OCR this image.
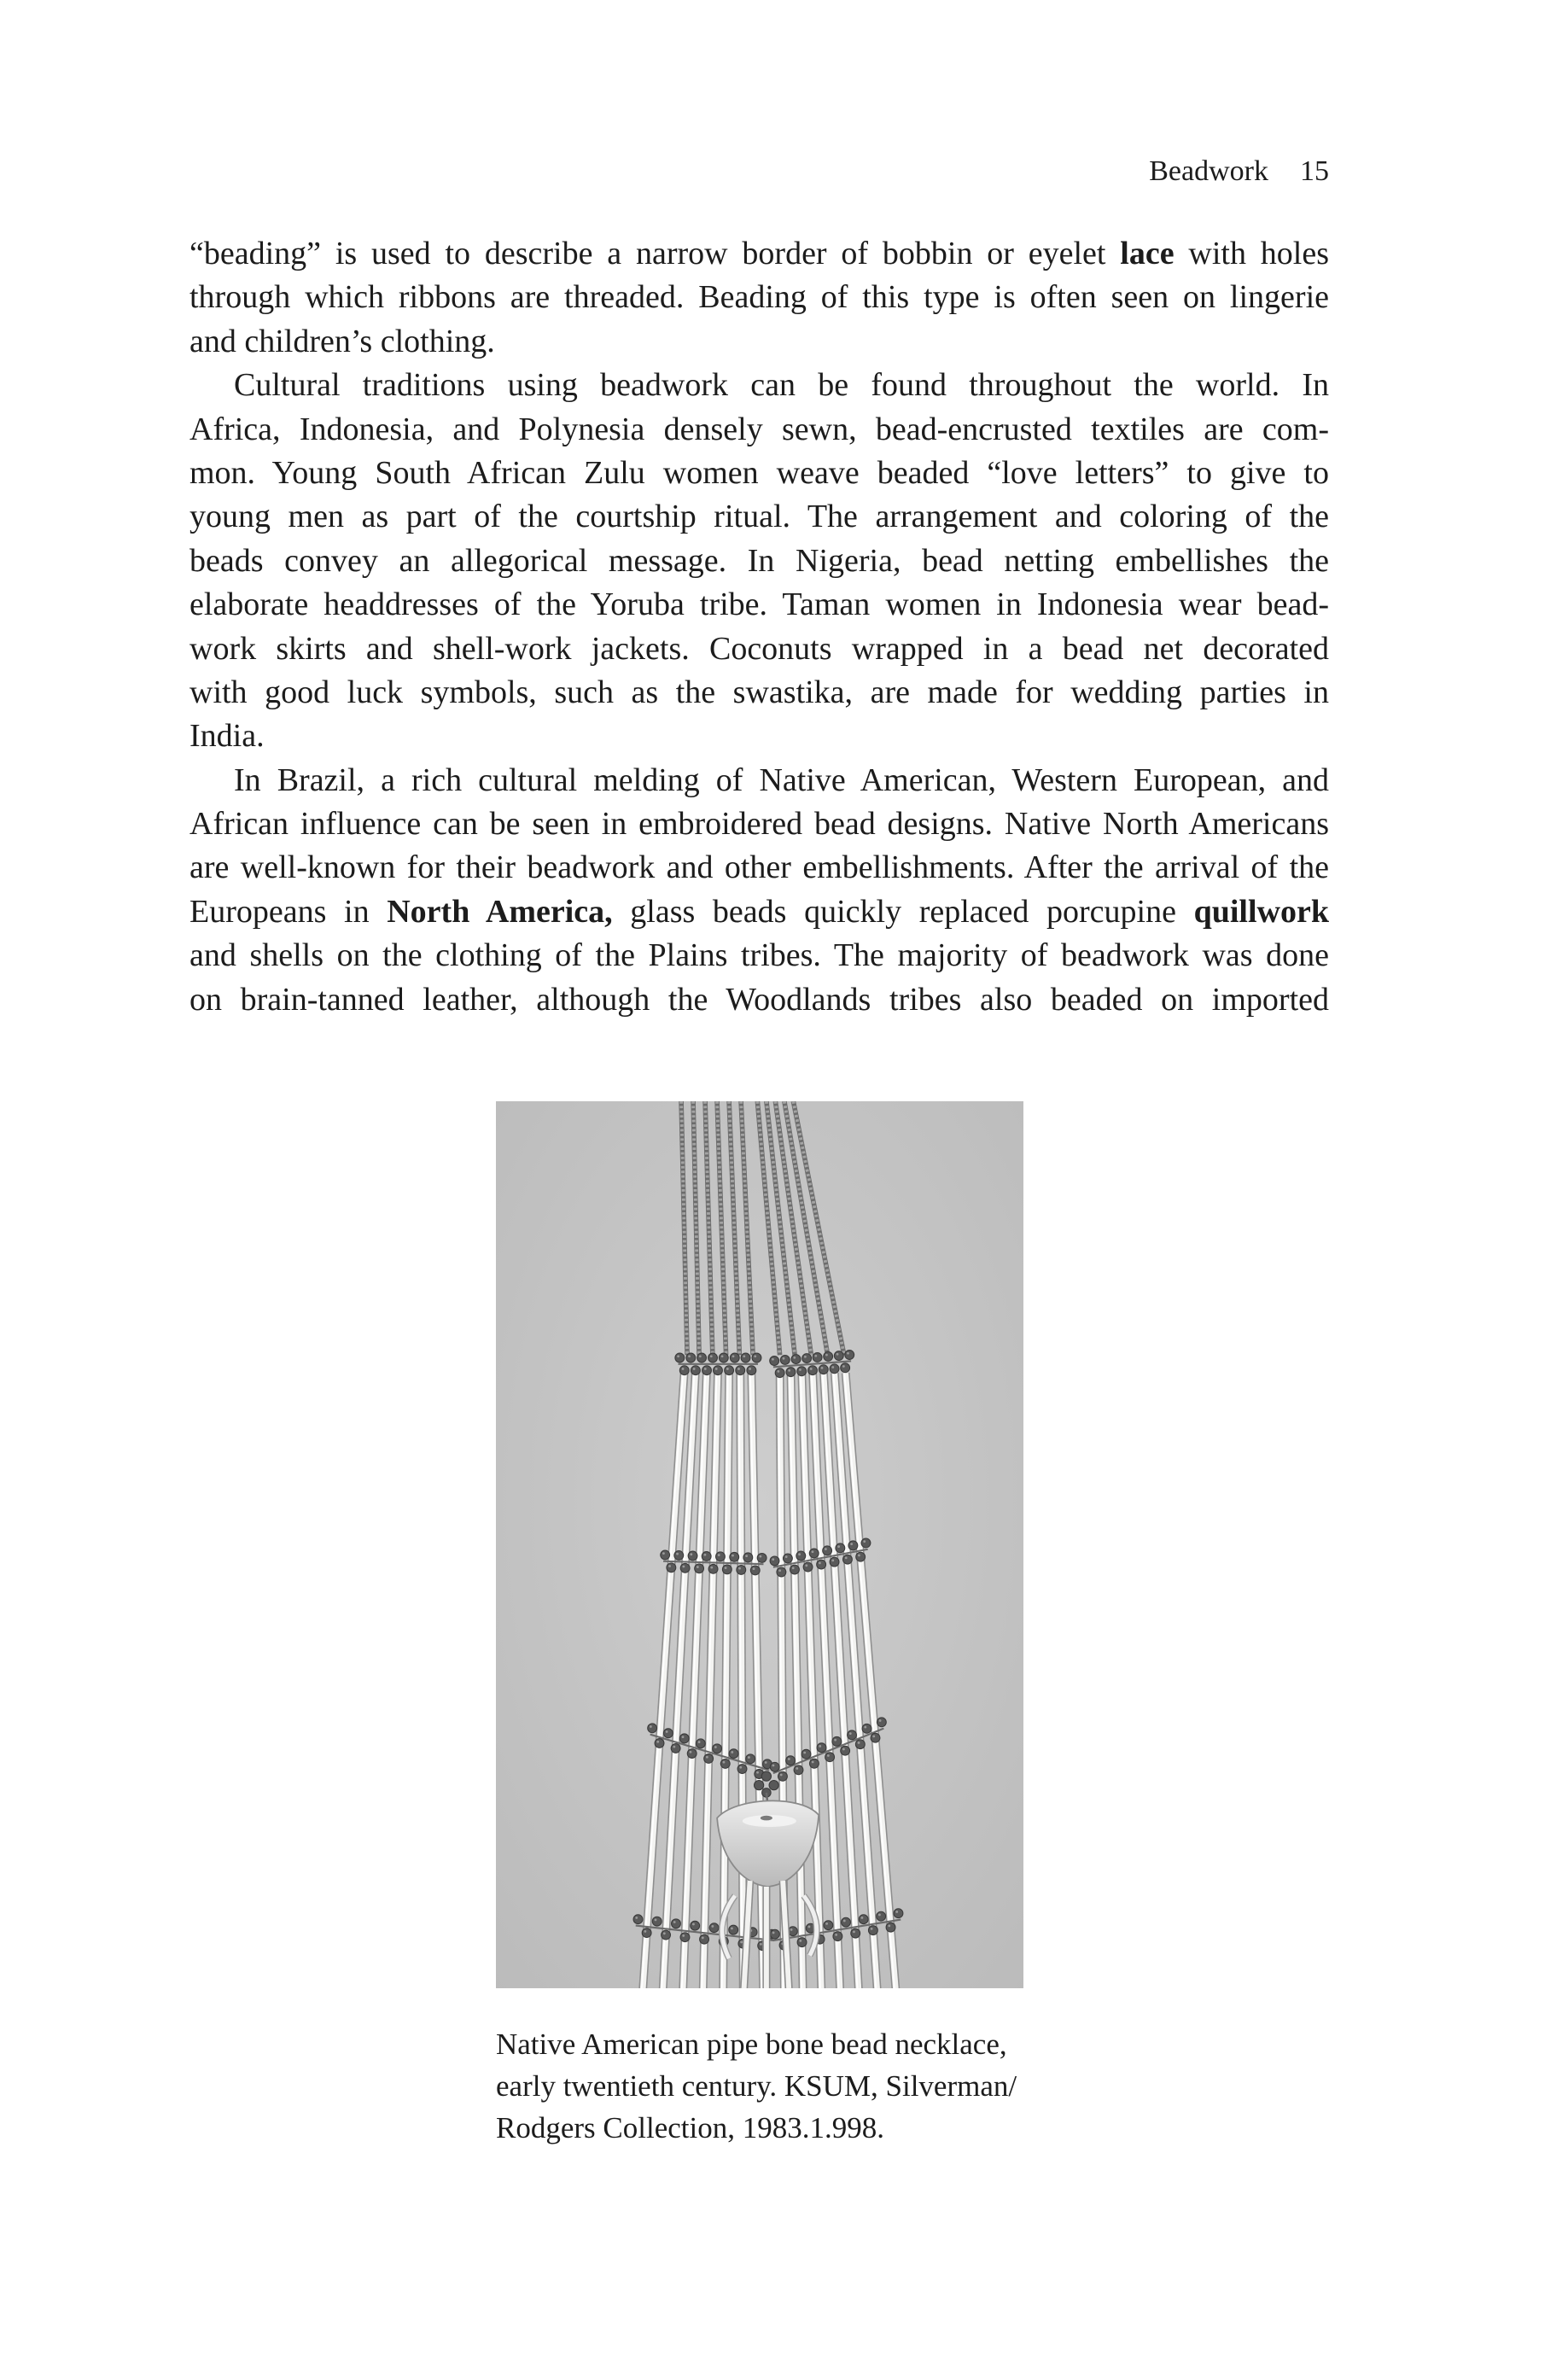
Beadwork 15
“beading” is used to describe a narrow border of bobbin or eyelet lace with holes
through which ribbons are threaded. Beading of this type is often seen on lingerie
and children’s clothing.
Cultural traditions using beadwork can be found throughout the world. In
Africa, Indonesia, and Polynesia densely sewn, bead-encrusted textiles are com-
mon. Young South African Zulu women weave beaded “love letters” to give to
young men as part of the courtship ritual. The arrangement and coloring of the
beads convey an allegorical message. In Nigeria, bead netting embellishes the
elaborate headdresses of the Yoruba tribe. Taman women in Indonesia wear bead-
work skirts and shell-work jackets. Coconuts wrapped in a bead net decorated
with good luck symbols, such as the swastika, are made for wedding parties in
India.
In Brazil, a rich cultural melding of Native American, Western European, and
African influence can be seen in embroidered bead designs. Native North Americans
are well-known for their beadwork and other embellishments. After the arrival of the
Europeans in North America, glass beads quickly replaced porcupine quillwork
and shells on the clothing of the Plains tribes. The majority of beadwork was done
on brain-tanned leather, although the Woodlands tribes also beaded on imported
Native American pipe bone bead necklace,
early twentieth century. KSUM, Silverman/
Rodgers Collection, 1983.1.998.
